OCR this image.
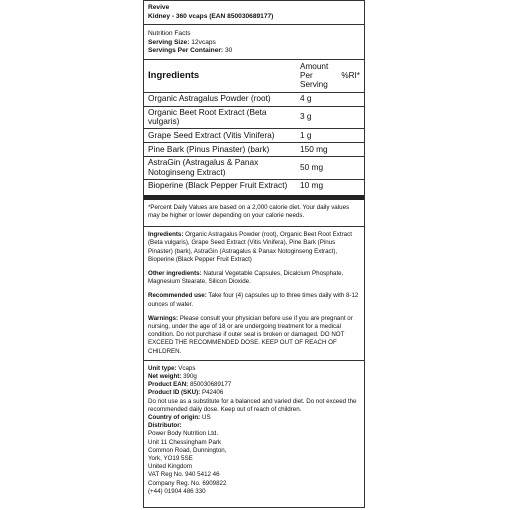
Revive
Kidney - 360 vcaps (EAN 850030689177)
Nutrition Facts
Serving Size: 12vcaps
Servings Per Container: 30
Ingredients
Amount Per Serving
%RI*
Organic Astragalus Powder (root)	4 g
Organic Beet Root Extract (Beta vulgaris)	3 g
Grape Seed Extract (Vitis Vinifera)	1 g
Pine Bark (Pinus Pinaster) (bark)	150 mg
AstraGin (Astragalus & Panax Notoginseng Extract)	50 mg
Bioperine (Black Pepper Fruit Extract)	10 mg
*Percent Daily Values are based on a 2,000 calorie diet. Your daily values may be higher or lower depending on your calorie needs.

Ingredients: Organic Astragalus Powder (root), Organic Beet Root Extract (Beta vulgaris), Grape Seed Extract (Vitis Vinifera), Pine Bark (Pinus Pinaster) (bark), AstraGin (Astragalus & Panax Notoginseng Extract), Bioperine (Black Pepper Fruit Extract)

Other ingredients: Natural Vegetable Capsules, Dicalcium Phosphate, Magnesium Stearate, Silicon Dioxide.

Recommended use: Take four (4) capsules up to three times daily with 8-12 ounces of water.

Warnings: Please consult your physician before use if you are pregnant or nursing, under the age of 18 or are undergoing treatment for a medical condition. Do not purchase if outer seal is broken or damaged. DO NOT EXCEED THE RECOMMENDED DOSE. KEEP OUT OF REACH OF CHILDREN.

Unit type: Vcaps
Net weight: 390g
Product EAN: 850030689177
Product ID (SKU): P42406
Do not use as a substitute for a balanced and varied diet. Do not exceed the recommended daily dose. Keep out of reach of children.
Country of origin: US
Distributor:
Power Body Nutrition Ltd.
Unit 11 Chessingham Park
Common Road, Dunnington,
York, YO19 5SE
United Kingdom
VAT Reg No. 940 5412 46
Company Reg. No. 6909822
(+44) 01904 486 330
